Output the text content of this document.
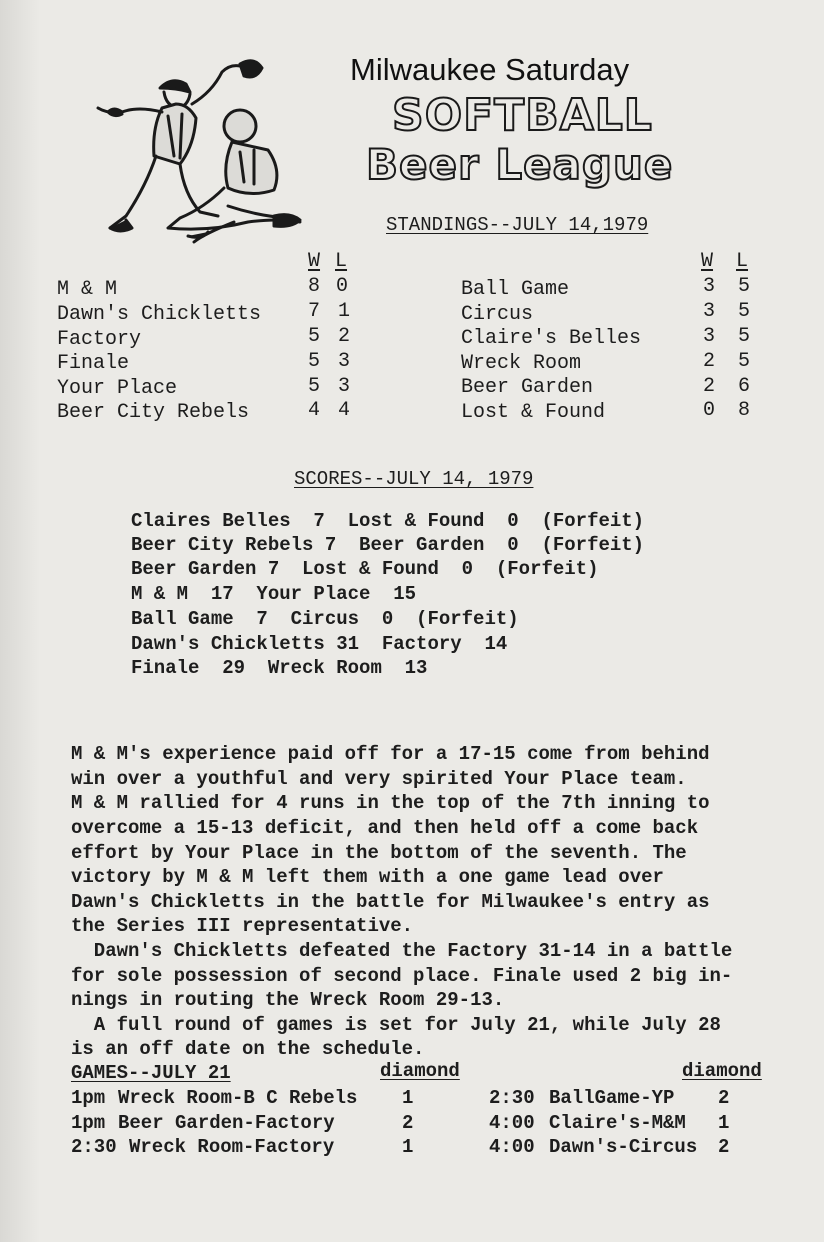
Milwaukee Saturday
SOFTBALL
Beer League
STANDINGS--JULY 14,1979
W L	W L
M & M	8 0
Dawn's Chickletts 7 1
Factory	5 2
Finale	5 3
Your Place	5 3
Beer City Rebels	4 4
Ball Game	3 5
Circus	3 5
Claire's Belles	3 5
Wreck Room	2 5
Beer Garden	2 6
Lost & Found	0 8
SCORES--JULY 14, 1979
Claires Belles  7  Lost & Found  0  (Forfeit)
Beer City Rebels 7  Beer Garden  0  (Forfeit)
Beer Garden 7  Lost & Found  0  (Forfeit)
M & M  17  Your Place  15
Ball Game  7  Circus  0  (Forfeit)
Dawn's Chickletts 31  Factory  14
Finale  29  Wreck Room  13
M & M's experience paid off for a 17-15 come from behind
win over a youthful and very spirited Your Place team.
M & M rallied for 4 runs in the top of the 7th inning to
overcome a 15-13 deficit, and then held off a come back
effort by Your Place in the bottom of the seventh. The
victory by M & M left them with a one game lead over
Dawn's Chickletts in the battle for Milwaukee's entry as
the Series III representative.
Dawn's Chickletts defeated the Factory 31-14 in a battle
for sole possession of second place. Finale used 2 big in-
nings in routing the Wreck Room 29-13.
A full round of games is set for July 21, while July 28
is an off date on the schedule.
GAMES--JULY 21	diamond	diamond
1pm Wreck Room-B C Rebels 1
1pm Beer Garden-Factory	2
2:30 Wreck Room-Factory	1
2:30 BallGame-YP 2
4:00 Claire's-M&M 1
4:00 Dawn's-Circus 2
